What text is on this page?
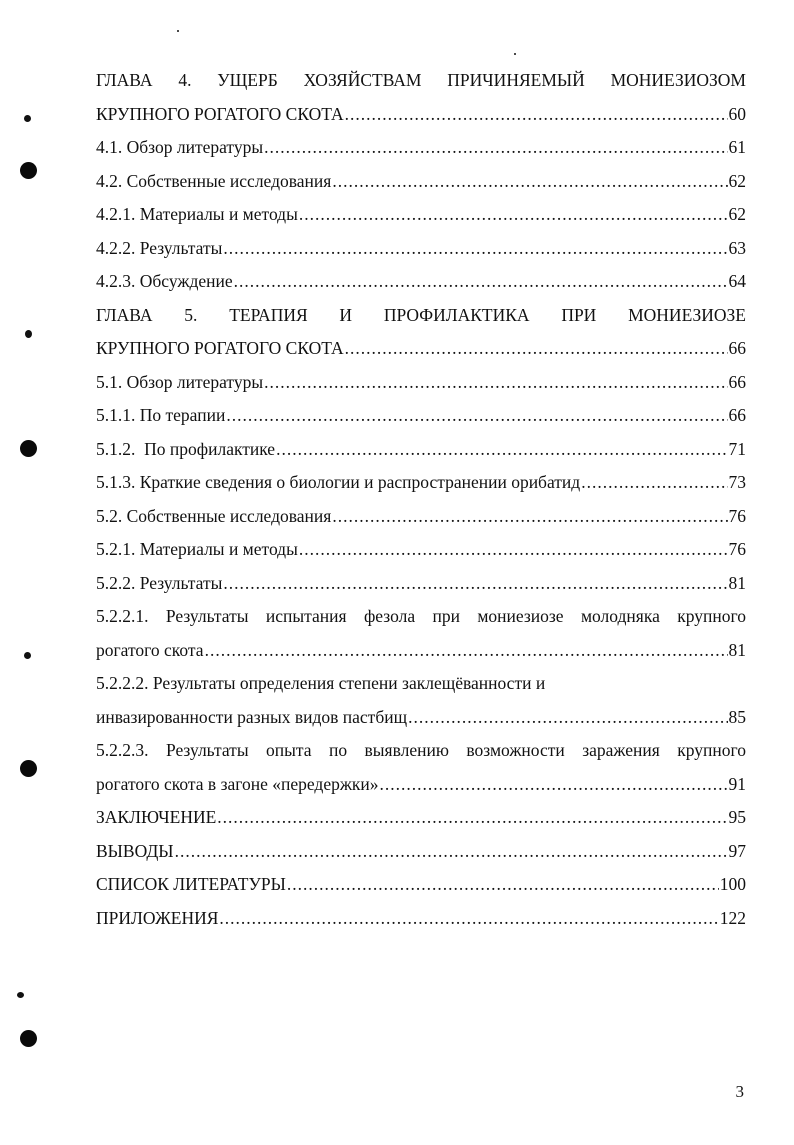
ГЛАВА 4. УЩЕРБ ХОЗЯЙСТВАМ ПРИЧИНЯЕМЫЙ МОНИЕЗИОЗОМ
КРУПНОГО РОГАТОГО СКОТА .....	60
4.1. Обзор литературы .....	61
4.2. Собственные исследования .....	62
4.2.1. Материалы и методы .....	62
4.2.2. Результаты .....	63
4.2.3. Обсуждение .....	64
ГЛАВА 5. ТЕРАПИЯ И ПРОФИЛАКТИКА ПРИ МОНИЕЗИОЗЕ
КРУПНОГО РОГАТОГО СКОТА .....	66
5.1. Обзор литературы .....	66
5.1.1. По терапии .....	66
5.1.2.  По профилактике .....	71
5.1.3. Краткие сведения о биологии и распространении орибатид .....	73
5.2. Собственные исследования .....	76
5.2.1. Материалы и методы .....	76
5.2.2. Результаты .....	81
5.2.2.1. Результаты испытания фезола при мониезиозе молодняка крупного
рогатого скота .....	81
5.2.2.2. Результаты определения степени заклещёванности и
инвазированности разных видов пастбищ .....	85
5.2.2.3. Результаты опыта по выявлению возможности заражения крупного
рогатого скота в загоне «передержки» .....	91
ЗАКЛЮЧЕНИЕ .....	95
ВЫВОДЫ .....	97
СПИСОК ЛИТЕРАТУРЫ .....	100
ПРИЛОЖЕНИЯ .....	122
3
